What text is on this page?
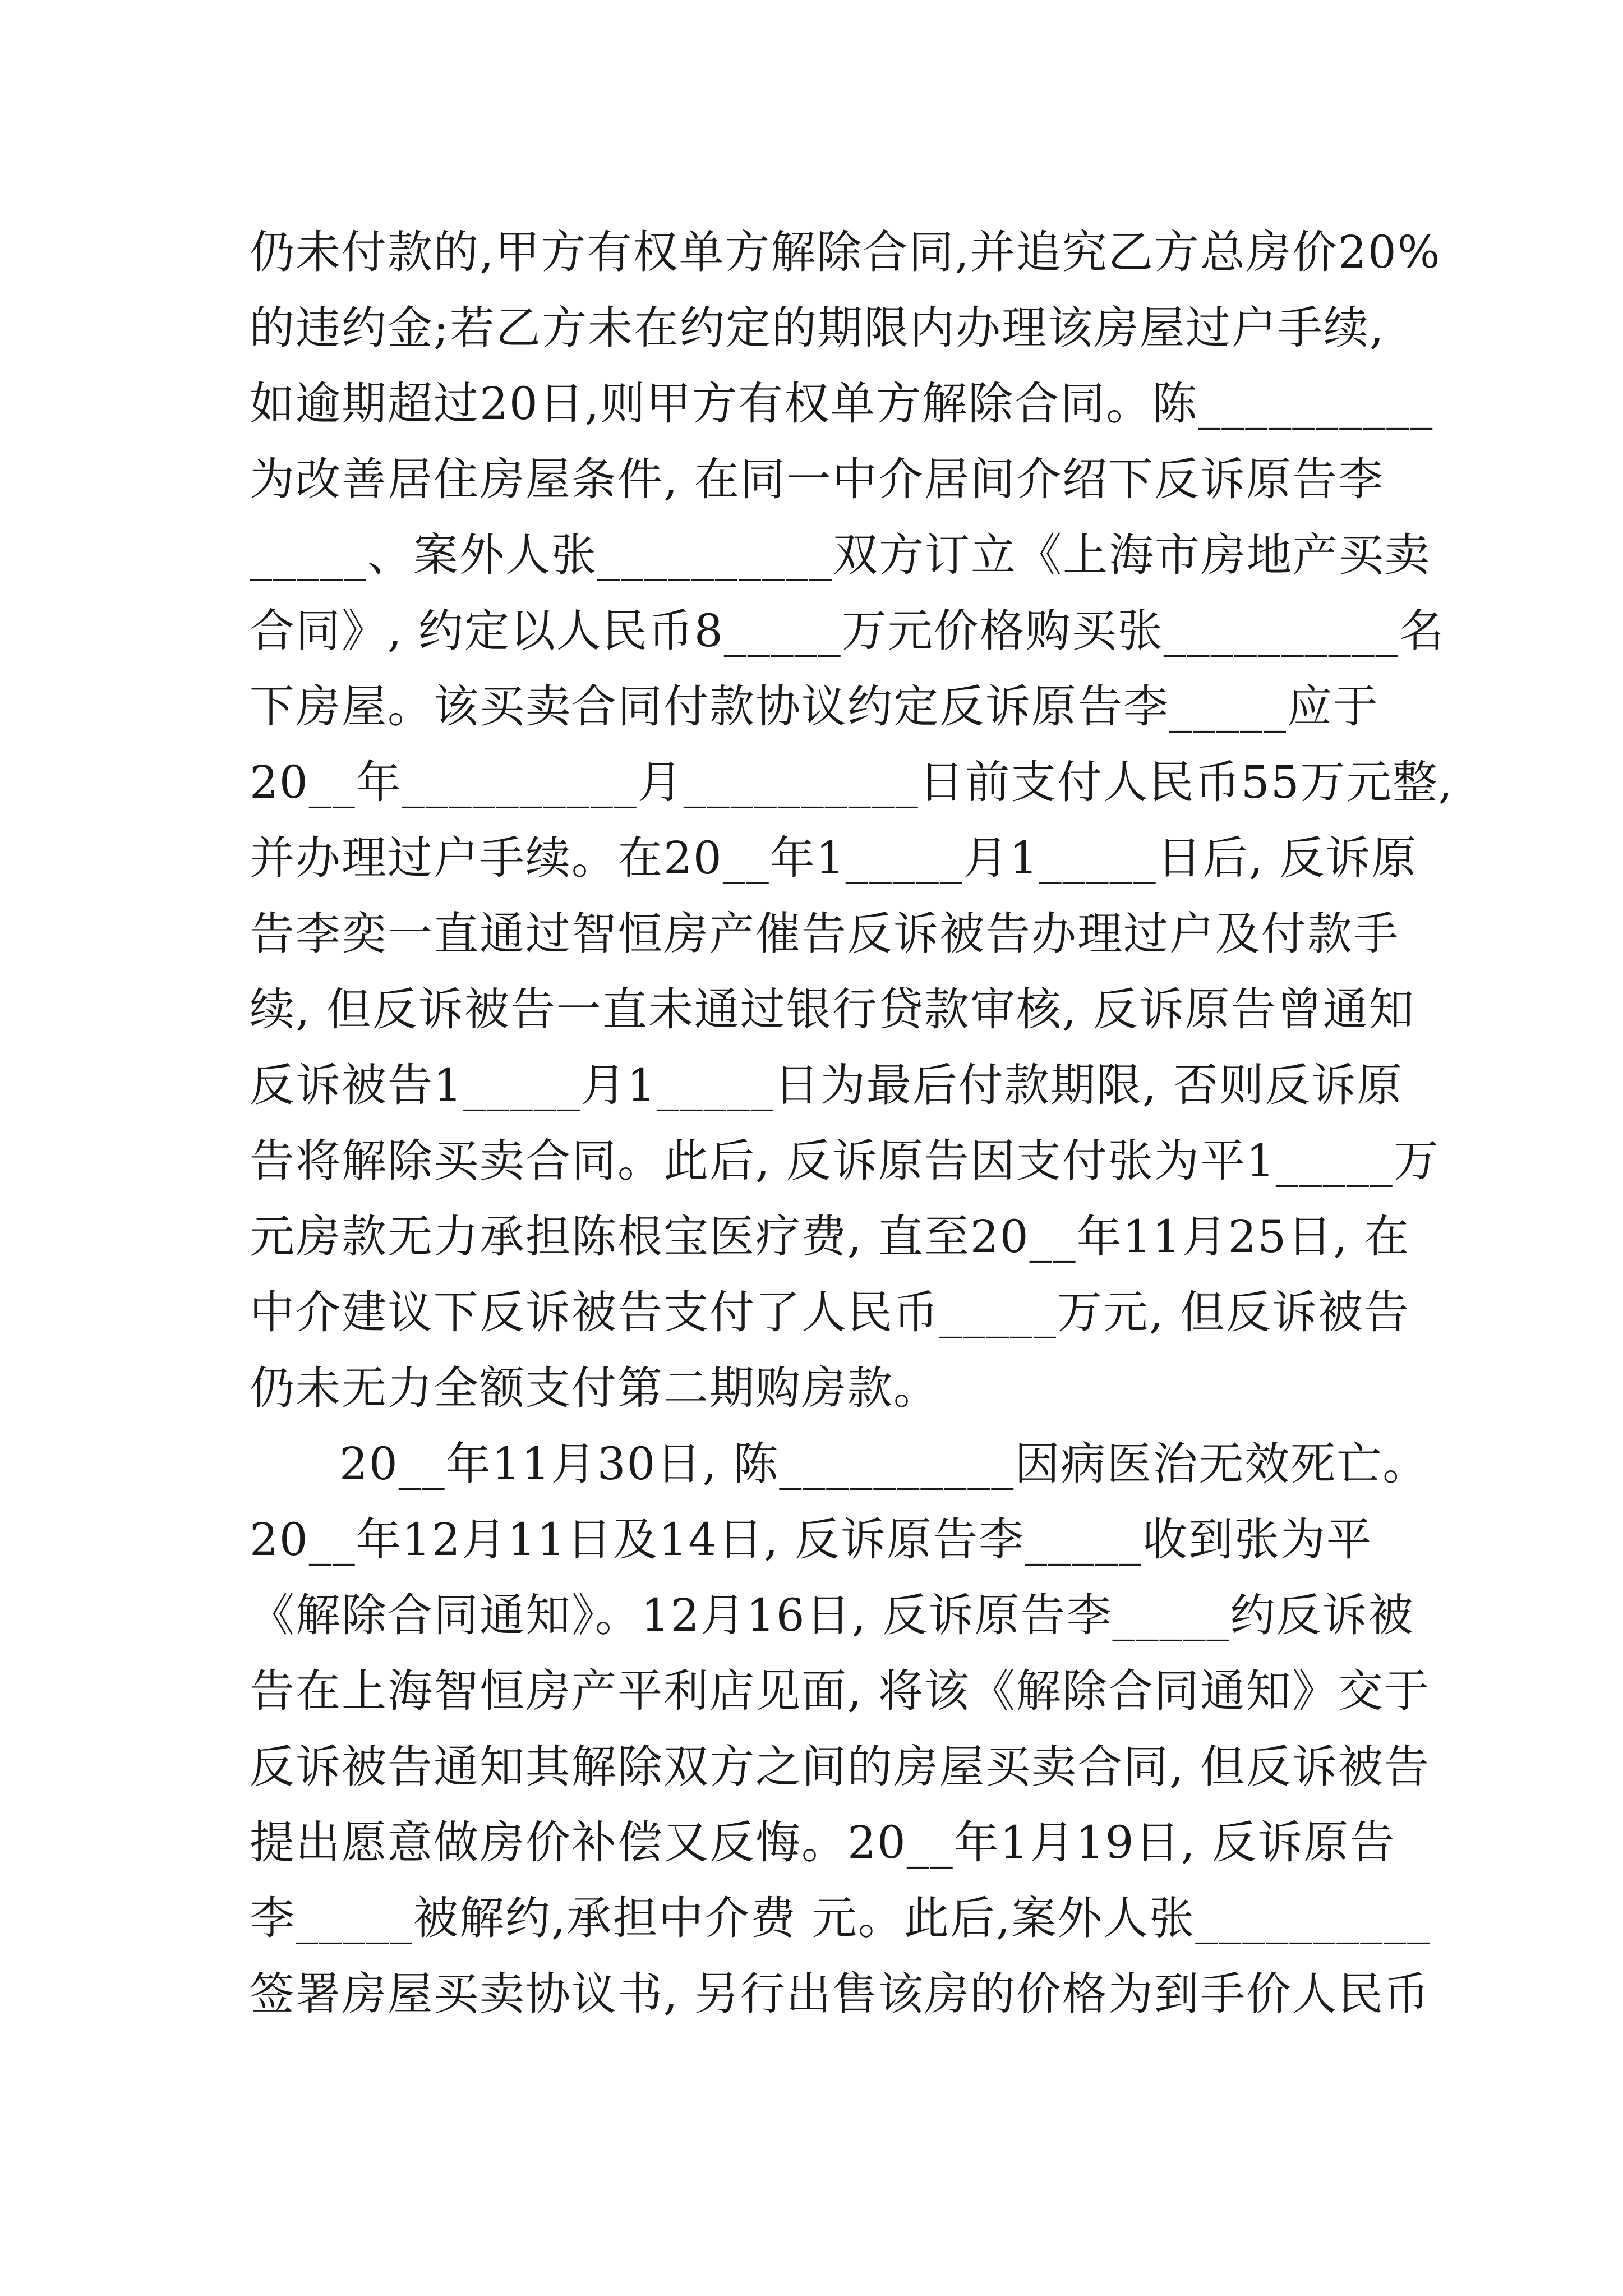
仍未付款的,甲方有权单方解除合同,并追究乙方总房价20%
的违约金;若乙方未在约定的期限内办理该房屋过户手续,
如逾期超过20日,则甲方有权单方解除合同。陈__________
为改善居住房屋条件, 在同一中介居间介绍下反诉原告李
_____、案外人张__________双方订立《上海市房地产买卖
合同》, 约定以人民币8_____万元价格购买张__________名
下房屋。该买卖合同付款协议约定反诉原告李_____应于
20__年__________月__________日前支付人民币55万元整,
并办理过户手续。在20__年1_____月1_____日后, 反诉原
告李奕一直通过智恒房产催告反诉被告办理过户及付款手
续, 但反诉被告一直未通过银行贷款审核, 反诉原告曾通知
反诉被告1_____月1_____日为最后付款期限, 否则反诉原
告将解除买卖合同。此后, 反诉原告因支付张为平1_____万
元房款无力承担陈根宝医疗费, 直至20__年11月25日, 在
中介建议下反诉被告支付了人民币_____万元, 但反诉被告
仍未无力全额支付第二期购房款。
20__年11月30日, 陈__________因病医治无效死亡。
20__年12月11日及14日, 反诉原告李_____收到张为平
《解除合同通知》。12月16日, 反诉原告李_____约反诉被
告在上海智恒房产平利店见面, 将该《解除合同通知》交于
反诉被告通知其解除双方之间的房屋买卖合同, 但反诉被告
提出愿意做房价补偿又反悔。20__年1月19日, 反诉原告
李_____被解约,承担中介费 元。此后,案外人张__________
签署房屋买卖协议书, 另行出售该房的价格为到手价人民币
